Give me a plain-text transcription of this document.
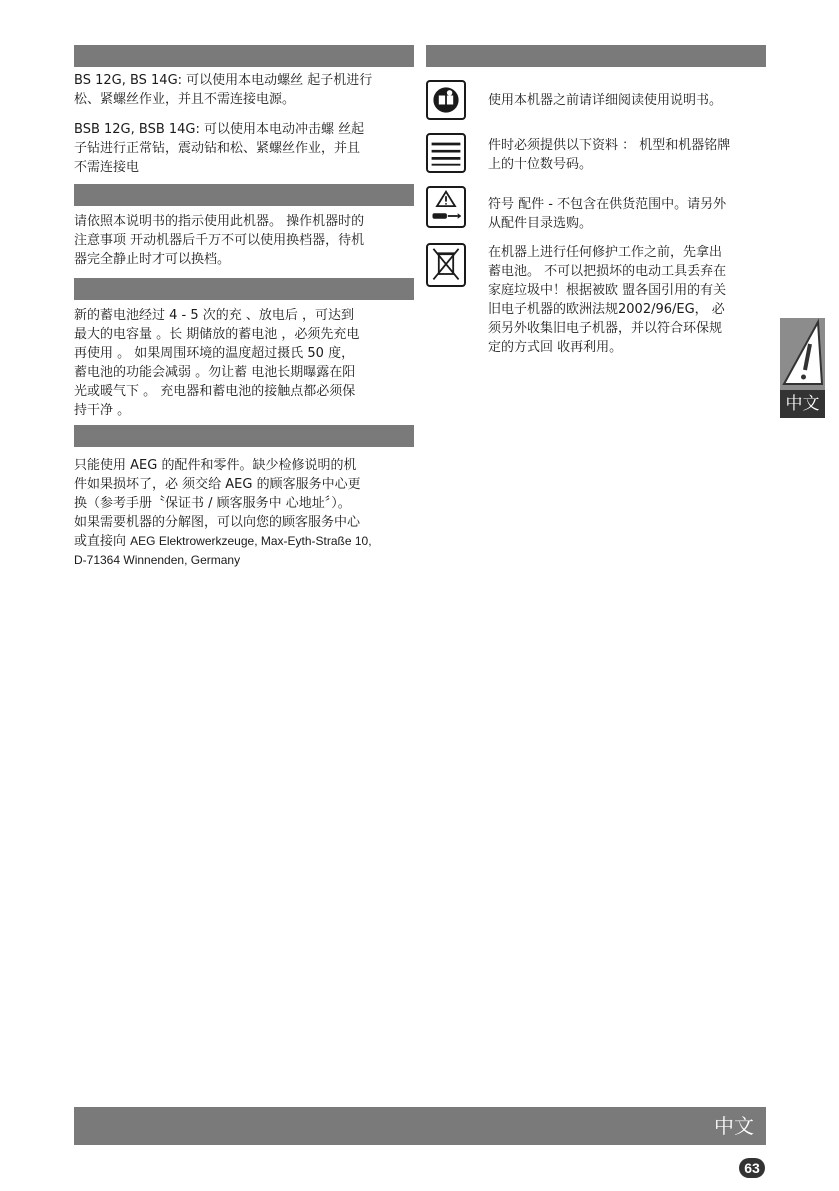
BS 12G, BS 14G: 可以使用本电动螺丝 起子机进行
松、紧螺丝作业，并且不需连接电源。
BSB 12G, BSB 14G: 可以使用本电动冲击螺 丝起
子钻进行正常钻，震动钻和松、紧螺丝作业，并且
不需连接电
请依照本说明书的指示使用此机器。 操作机器时的
注意事项 开动机器后千万不可以使用换档器，待机
器完全静止时才可以换档。
新的蓄电池经过 4 - 5 次的充 、放电后 ，可达到
最大的电容量 。长 期储放的蓄电池 ，必须先充电
再使用 。 如果周围环境的温度超过摄氏 50 度，
蓄电池的功能会减弱 。勿让蓄 电池长期曝露在阳
光或暖气下 。 充电器和蓄电池的接触点都必须保
持干净 。
只能使用 AEG 的配件和零件。缺少检修说明的机
件如果损坏了，必 须交给 AEG 的顾客服务中心更
换（参考手册〝保证书 / 顾客服务中 心地址〞）。
如果需要机器的分解图，可以向您的顾客服务中心
或直接向 AEG Elektrowerkzeuge, Max-Eyth-Straße 10,
D-71364 Winnenden, Germany
使用本机器之前请详细阅读使用说明书。
件时必须提供以下资料 ： 机型和机器铭牌
上的十位数号码。
符号 配件 - 不包含在供货范围中。请另外
从配件目录选购。
在机器上进行任何修护工作之前，先拿出
蓄电池。 不可以把损坏的电动工具丢弃在
家庭垃圾中！根据被欧 盟各国引用的有关
旧电子机器的欧洲法规2002/96/EG， 必
须另外收集旧电子机器，并以符合环保规
定的方式回 收再利用。
中文
中文
63
